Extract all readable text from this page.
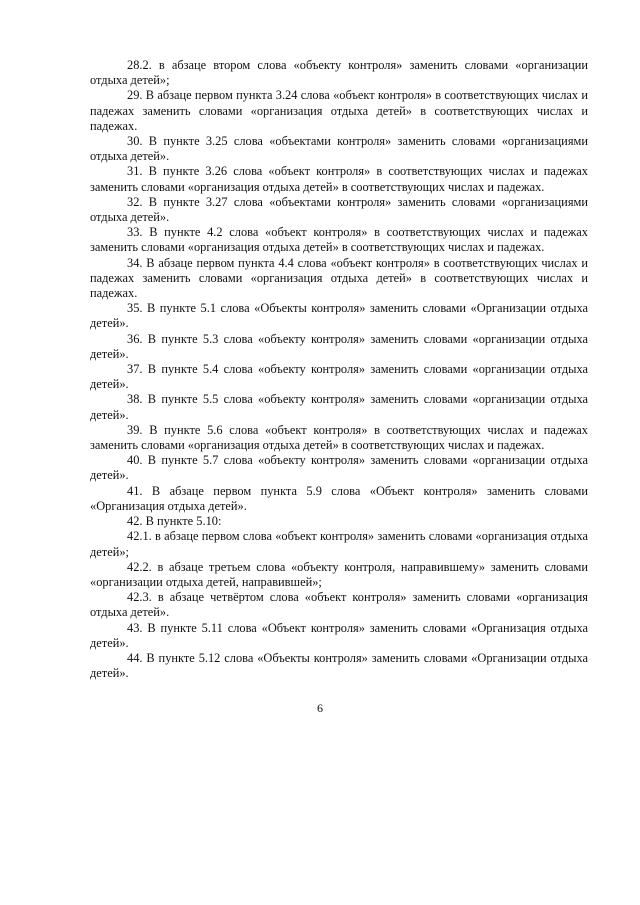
28.2. в абзаце втором слова «объекту контроля» заменить словами «организации отдыха детей»;

29. В абзаце первом пункта 3.24 слова «объект контроля» в соответствующих числах и падежах заменить словами «организация отдыха детей» в соответствующих числах и падежах.

30. В пункте 3.25 слова «объектами контроля» заменить словами «организациями отдыха детей».

31. В пункте 3.26 слова «объект контроля» в соответствующих числах и падежах заменить словами «организация отдыха детей» в соответствующих числах и падежах.

32. В пункте 3.27 слова «объектами контроля» заменить словами «организациями отдыха детей».

33. В пункте 4.2 слова «объект контроля» в соответствующих числах и падежах заменить словами «организация отдыха детей» в соответствующих числах и падежах.

34. В абзаце первом пункта 4.4 слова «объект контроля» в соответствующих числах и падежах заменить словами «организация отдыха детей» в соответствующих числах и падежах.

35. В пункте 5.1 слова «Объекты контроля» заменить словами «Организации отдыха детей».

36. В пункте 5.3 слова «объекту контроля» заменить словами «организации отдыха детей».

37. В пункте 5.4 слова «объекту контроля» заменить словами «организации отдыха детей».

38. В пункте 5.5 слова «объекту контроля» заменить словами «организации отдыха детей».

39. В пункте 5.6 слова «объект контроля» в соответствующих числах и падежах заменить словами «организация отдыха детей» в соответствующих числах и падежах.

40. В пункте 5.7 слова «объекту контроля» заменить словами «организации отдыха детей».

41. В абзаце первом пункта 5.9 слова «Объект контроля» заменить словами «Организация отдыха детей».

42. В пункте 5.10:

42.1. в абзаце первом слова «объект контроля» заменить словами «организация отдыха детей»;

42.2. в абзаце третьем слова «объекту контроля, направившему» заменить словами «организации отдыха детей, направившей»;

42.3. в абзаце четвёртом слова «объект контроля» заменить словами «организация отдыха детей».

43. В пункте 5.11 слова «Объект контроля» заменить словами «Организация отдыха детей».

44. В пункте 5.12 слова «Объекты контроля» заменить словами «Организации отдыха детей».

6
